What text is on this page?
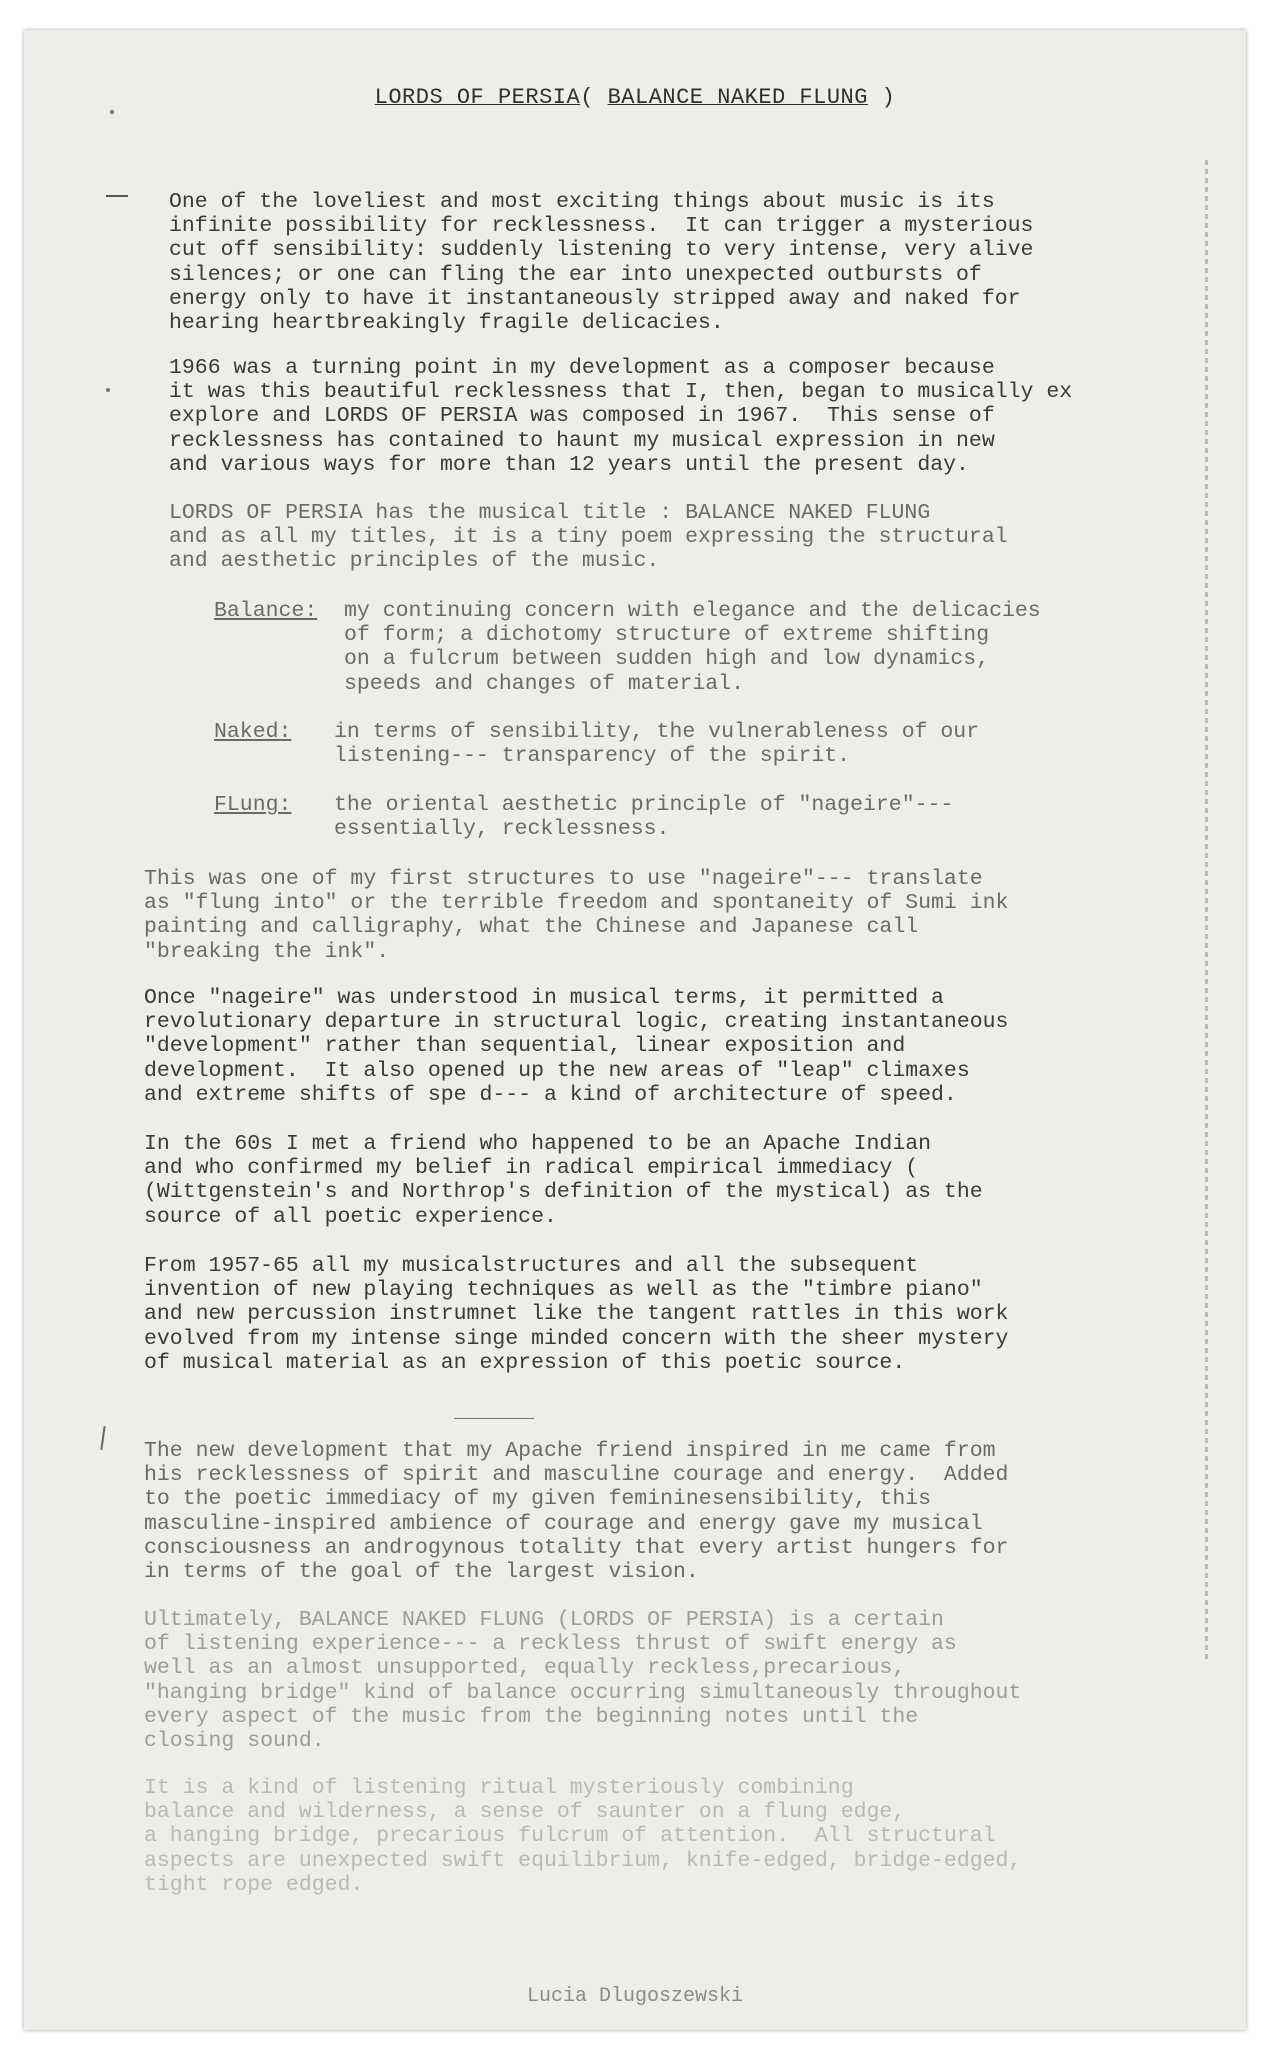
LORDS OF PERSIA( BALANCE NAKED FLUNG )
One of the loveliest and most exciting things about music is its
infinite possibility for recklessness.  It can trigger a mysterious
cut off sensibility: suddenly listening to very intense, very alive
silences; or one can fling the ear into unexpected outbursts of
energy only to have it instantaneously stripped away and naked for
hearing heartbreakingly fragile delicacies.
1966 was a turning point in my development as a composer because
it was this beautiful recklessness that I, then, began to musically ex
explore and LORDS OF PERSIA was composed in 1967.  This sense of
recklessness has contained to haunt my musical expression in new
and various ways for more than 12 years until the present day.
LORDS OF PERSIA has the musical title : BALANCE NAKED FLUNG
and as all my titles, it is a tiny poem expressing the structural
and aesthetic principles of the music.
Balance: my continuing concern with elegance and the delicacies
of form; a dichotomy structure of extreme shifting
on a fulcrum between sudden high and low dynamics,
speeds and changes of material.
Naked: in terms of sensibility, the vulnerableness of our
listening--- transparency of the spirit.
FLung: the oriental aesthetic principle of "nageire"---
essentially, recklessness.
This was one of my first structures to use "nageire"--- translate
as "flung into" or the terrible freedom and spontaneity of Sumi ink
painting and calligraphy, what the Chinese and Japanese call
"breaking the ink".
Once "nageire" was understood in musical terms, it permitted a
revolutionary departure in structural logic, creating instantaneous
"development" rather than sequential, linear exposition and
development.  It also opened up the new areas of "leap" climaxes
and extreme shifts of spe d--- a kind of architecture of speed.
In the 60s I met a friend who happened to be an Apache Indian
and who confirmed my belief in radical empirical immediacy (
(Wittgenstein's and Northrop's definition of the mystical) as the
source of all poetic experience.
From 1957-65 all my musicalstructures and all the subsequent
invention of new playing techniques as well as the "timbre piano"
and new percussion instrumnet like the tangent rattles in this work
evolved from my intense singe minded concern with the sheer mystery
of musical material as an expression of this poetic source.
The new development that my Apache friend inspired in me came from
his recklessness of spirit and masculine courage and energy.  Added
to the poetic immediacy of my given femininesensibility, this
masculine-inspired ambience of courage and energy gave my musical
consciousness an androgynous totality that every artist hungers for
in terms of the goal of the largest vision.
Ultimately, BALANCE NAKED FLUNG (LORDS OF PERSIA) is a certain
of listening experience--- a reckless thrust of swift energy as
well as an almost unsupported, equally reckless,precarious,
"hanging bridge" kind of balance occurring simultaneously throughout
every aspect of the music from the beginning notes until the
closing sound.
It is a kind of listening ritual mysteriously combining
balance and wilderness, a sense of saunter on a flung edge,
a hanging bridge, precarious fulcrum of attention.  All structural
aspects are unexpected swift equilibrium, knife-edged, bridge-edged,
tight rope edged.
Lucia Dlugoszewski
